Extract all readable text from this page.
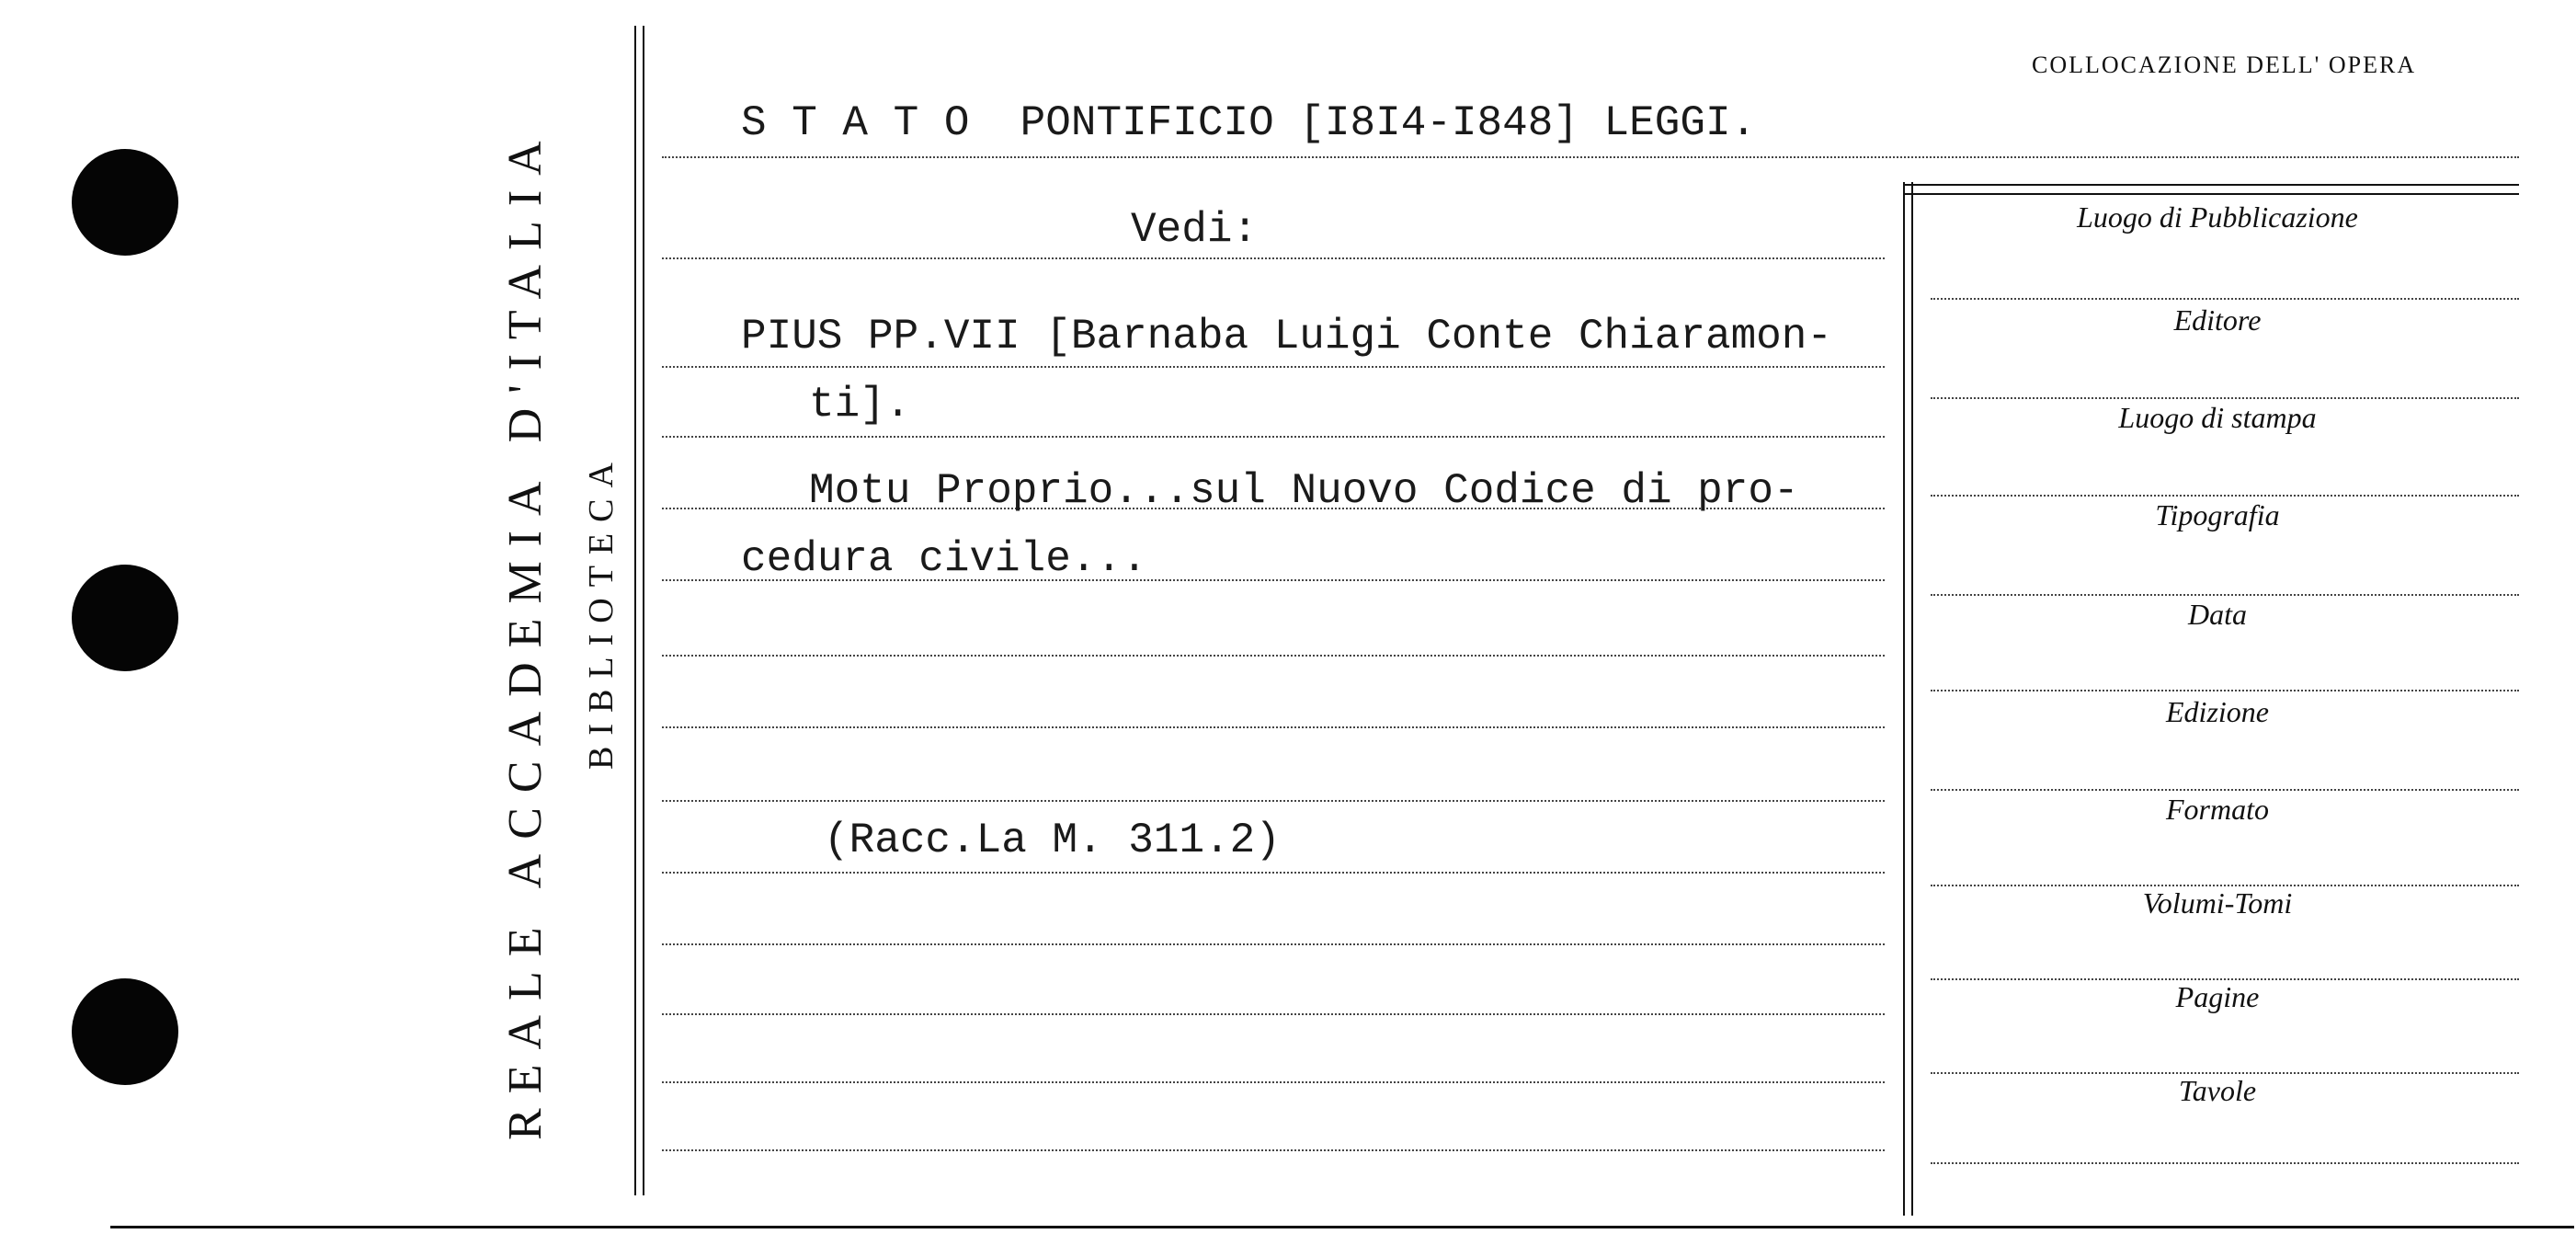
REALE ACCADEMIA D'ITALIA BIBLIOTECA
COLLOCAZIONE DELL' OPERA
S T A T O  PONTIFICIO [I8I4-I848] LEGGI.
Vedi:
PIUS PP.VII [Barnaba Luigi Conte Chiaramon-
ti].
Motu Proprio...sul Nuovo Codice di pro-
cedura civile...
(Racc.La M. 311.2)
Luogo di Pubblicazione
Editore
Luogo di stampa
Tipografia
Data
Edizione
Formato
Volumi-Tomi
Pagine
Tavole
